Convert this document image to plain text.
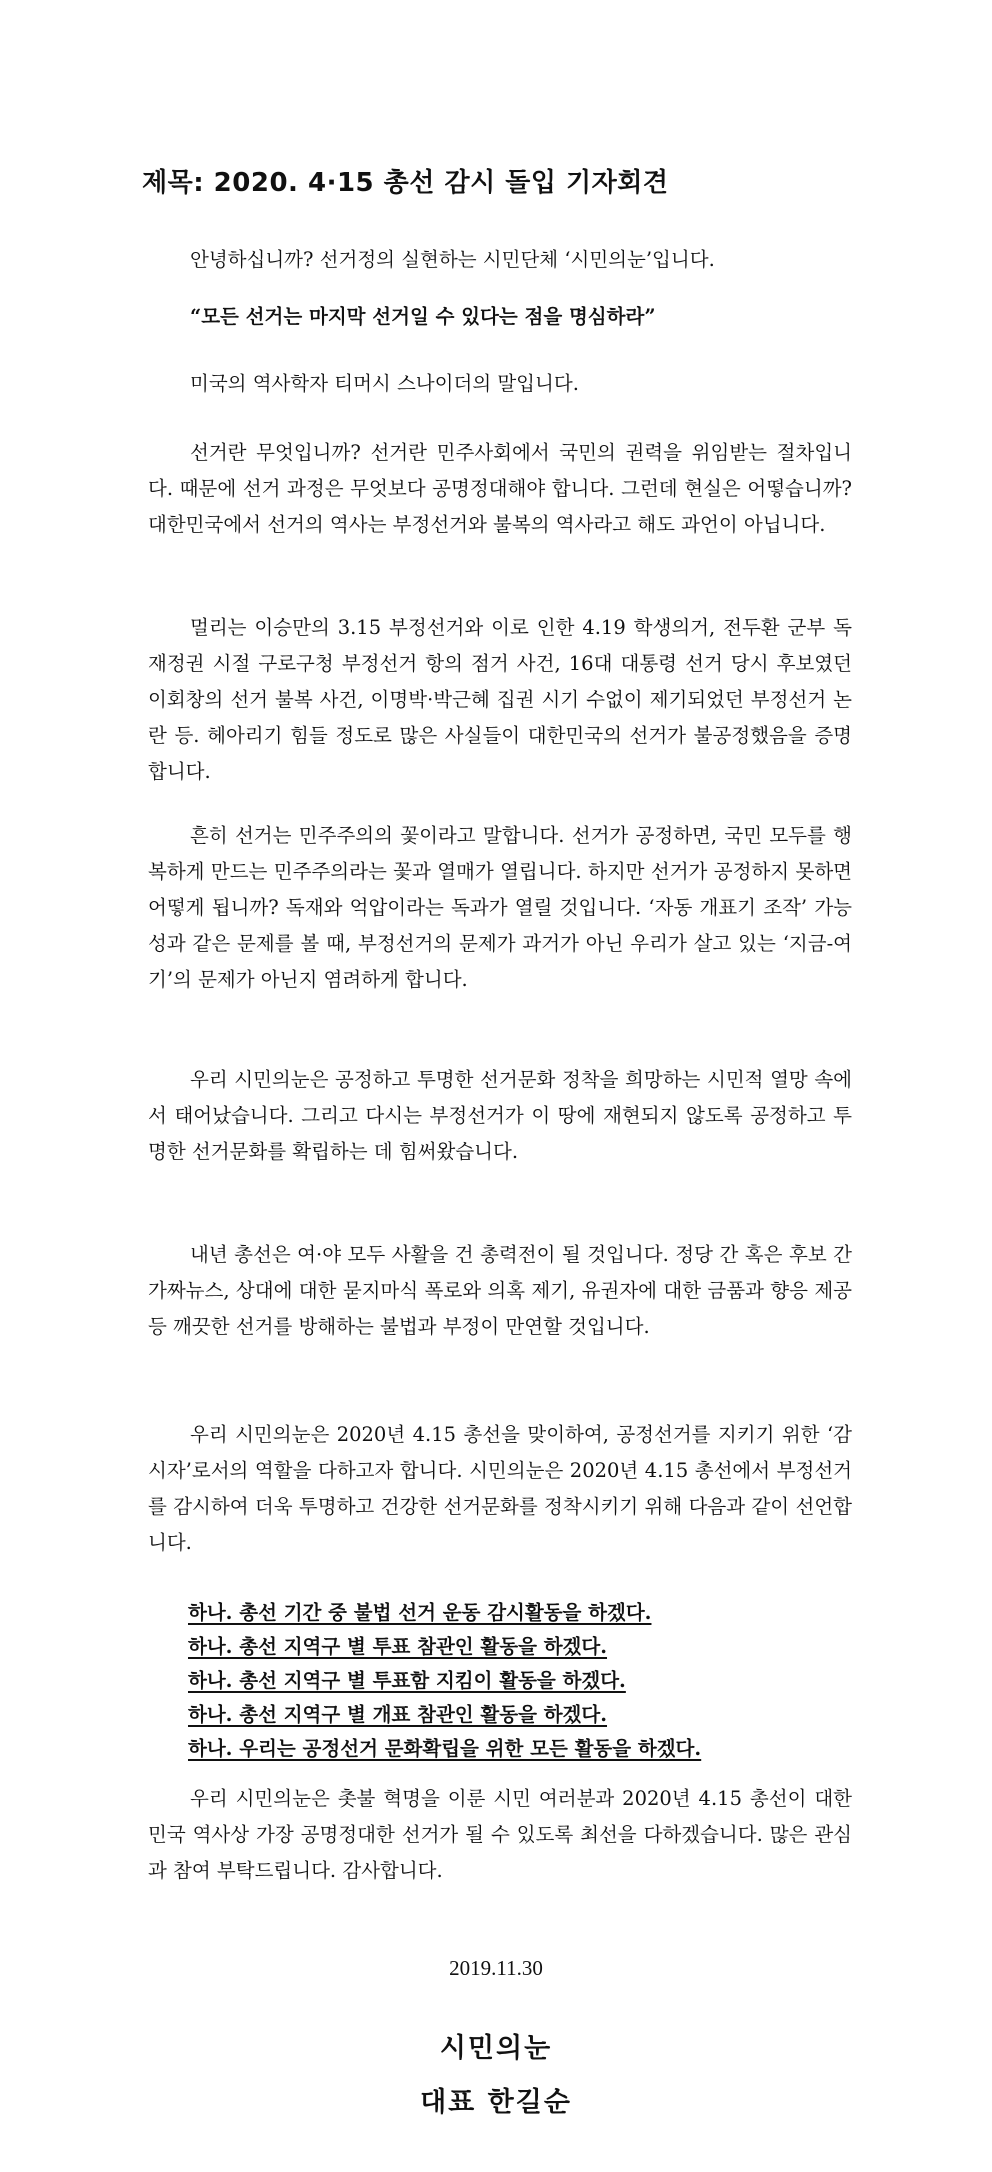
제목: 2020. 4·15 총선 감시 돌입 기자회견
안녕하십니까? 선거정의 실현하는 시민단체 ‘시민의눈’입니다.
“모든 선거는 마지막 선거일 수 있다는 점을 명심하라”
미국의 역사학자 티머시 스나이더의 말입니다.

선거란 무엇입니까? 선거란 민주사회에서 국민의 권력을 위임받는 절차입니다. 때문에 선거 과정은 무엇보다 공명정대해야 합니다. 그런데 현실은 어떻습니까? 대한민국에서 선거의 역사는 부정선거와 불복의 역사라고 해도 과언이 아닙니다.

멀리는 이승만의 3.15 부정선거와 이로 인한 4.19 학생의거, 전두환 군부 독재정권 시절 구로구청 부정선거 항의 점거 사건, 16대 대통령 선거 당시 후보였던 이회창의 선거 불복 사건, 이명박·박근혜 집권 시기 수없이 제기되었던 부정선거 논란 등. 헤아리기 힘들 정도로 많은 사실들이 대한민국의 선거가 불공정했음을 증명합니다.

흔히 선거는 민주주의의 꽃이라고 말합니다. 선거가 공정하면, 국민 모두를 행복하게 만드는 민주주의라는 꽃과 열매가 열립니다. 하지만 선거가 공정하지 못하면 어떻게 됩니까? 독재와 억압이라는 독과가 열릴 것입니다. ‘자동 개표기 조작’ 가능성과 같은 문제를 볼 때, 부정선거의 문제가 과거가 아닌 우리가 살고 있는 ‘지금-여기’의 문제가 아닌지 염려하게 합니다.

우리 시민의눈은 공정하고 투명한 선거문화 정착을 희망하는 시민적 열망 속에서 태어났습니다. 그리고 다시는 부정선거가 이 땅에 재현되지 않도록 공정하고 투명한 선거문화를 확립하는 데 힘써왔습니다.

내년 총선은 여·야 모두 사활을 건 총력전이 될 것입니다. 정당 간 혹은 후보 간 가짜뉴스, 상대에 대한 묻지마식 폭로와 의혹 제기, 유권자에 대한 금품과 향응 제공 등 깨끗한 선거를 방해하는 불법과 부정이 만연할 것입니다.

우리 시민의눈은 2020년 4.15 총선을 맞이하여, 공정선거를 지키기 위한 ‘감시자’로서의 역할을 다하고자 합니다. 시민의눈은 2020년 4.15 총선에서 부정선거를 감시하여 더욱 투명하고 건강한 선거문화를 정착시키기 위해 다음과 같이 선언합니다.

하나. 총선 기간 중 불법 선거 운동 감시활동을 하겠다.
하나. 총선 지역구 별 투표 참관인 활동을 하겠다.
하나. 총선 지역구 별 투표함 지킴이 활동을 하겠다.
하나. 총선 지역구 별 개표 참관인 활동을 하겠다.
하나. 우리는 공정선거 문화확립을 위한 모든 활동을 하겠다.

우리 시민의눈은 촛불 혁명을 이룬 시민 여러분과 2020년 4.15 총선이 대한민국 역사상 가장 공명정대한 선거가 될 수 있도록 최선을 다하겠습니다. 많은 관심과 참여 부탁드립니다. 감사합니다.

2019.11.30
시민의눈
대표 한길순
